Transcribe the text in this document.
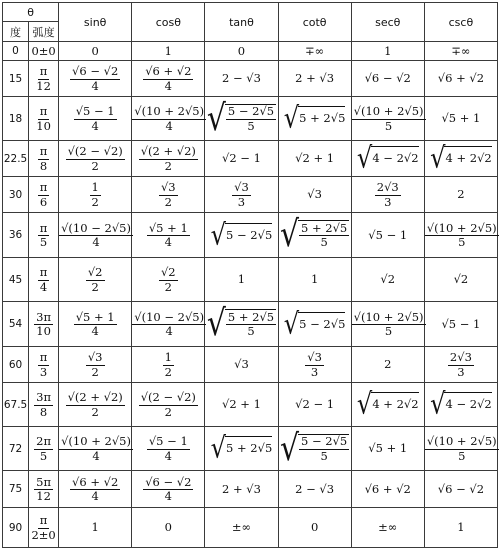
θ		sinθ	cosθ	tanθ	cotθ	secθ	cscθ
度	弧度						
0	0±0	0	1	0	∓∞	1	∓∞

15	$\frac{\pi}{12}$	$\frac{√6 - √2}{4}$	$\frac{√6 + √2}{4}$	2 − √3	2 + √3	√6 − √2	√6 + √2

18	$\frac{\pi}{10}$	$\frac{√5 - 1}{4}$	$\frac{√(10 + 2√5)}{4}$	√ $\frac{5 - 2√5}{5}$	√ 5 + 2√5	$\frac{√(10 + 2√5)}{5}$	√5 + 1

22.5	$\frac{\pi}{8}$	$\frac{√(2 - √2)}{2}$	$\frac{√(2 + √2)}{2}$	√2 − 1	√2 + 1	√ 4 − 2√2	√ 4 + 2√2

30	$\frac{\pi}{6}$	$\frac{1}{2}$	$\frac{√3}{2}$	$\frac{√3}{3}$	√3	$\frac{2√3}{3}$	2

36	$\frac{\pi}{5}$	$\frac{√(10 - 2√5)}{4}$	$\frac{√5 + 1}{4}$	√ 5 − 2√5	√ $\frac{5 + 2√5}{5}$	√5 − 1	$\frac{√(10 + 2√5)}{5}$

45	$\frac{\pi}{4}$	$\frac{√2}{2}$	$\frac{√2}{2}$	1	1	√2	√2

54	$\frac{3\pi}{10}$	$\frac{√5 + 1}{4}$	$\frac{√(10 - 2√5)}{4}$	√ $\frac{5 + 2√5}{5}$	√ 5 − 2√5	$\frac{√(10 + 2√5)}{5}$	√5 − 1

60	$\frac{\pi}{3}$	$\frac{√3}{2}$	$\frac{1}{2}$	√3	$\frac{√3}{3}$	2	$\frac{2√3}{3}$

67.5	$\frac{3\pi}{8}$	$\frac{√(2 + √2)}{2}$	$\frac{√(2 - √2)}{2}$	√2 + 1	√2 − 1	√ 4 + 2√2	√ 4 − 2√2

72	$\frac{2\pi}{5}$	$\frac{√(10 + 2√5)}{4}$	$\frac{√5 - 1}{4}$	√ 5 + 2√5	√ $\frac{5 - 2√5}{5}$	√5 + 1	$\frac{√(10 + 2√5)}{5}$

75	$\frac{5\pi}{12}$	$\frac{√6 + √2}{4}$	$\frac{√6 - √2}{4}$	2 + √3	2 − √3	√6 + √2	√6 − √2

90	$\frac{\pi}{2\pm 0}$	1	0	±∞	0	±∞	1
